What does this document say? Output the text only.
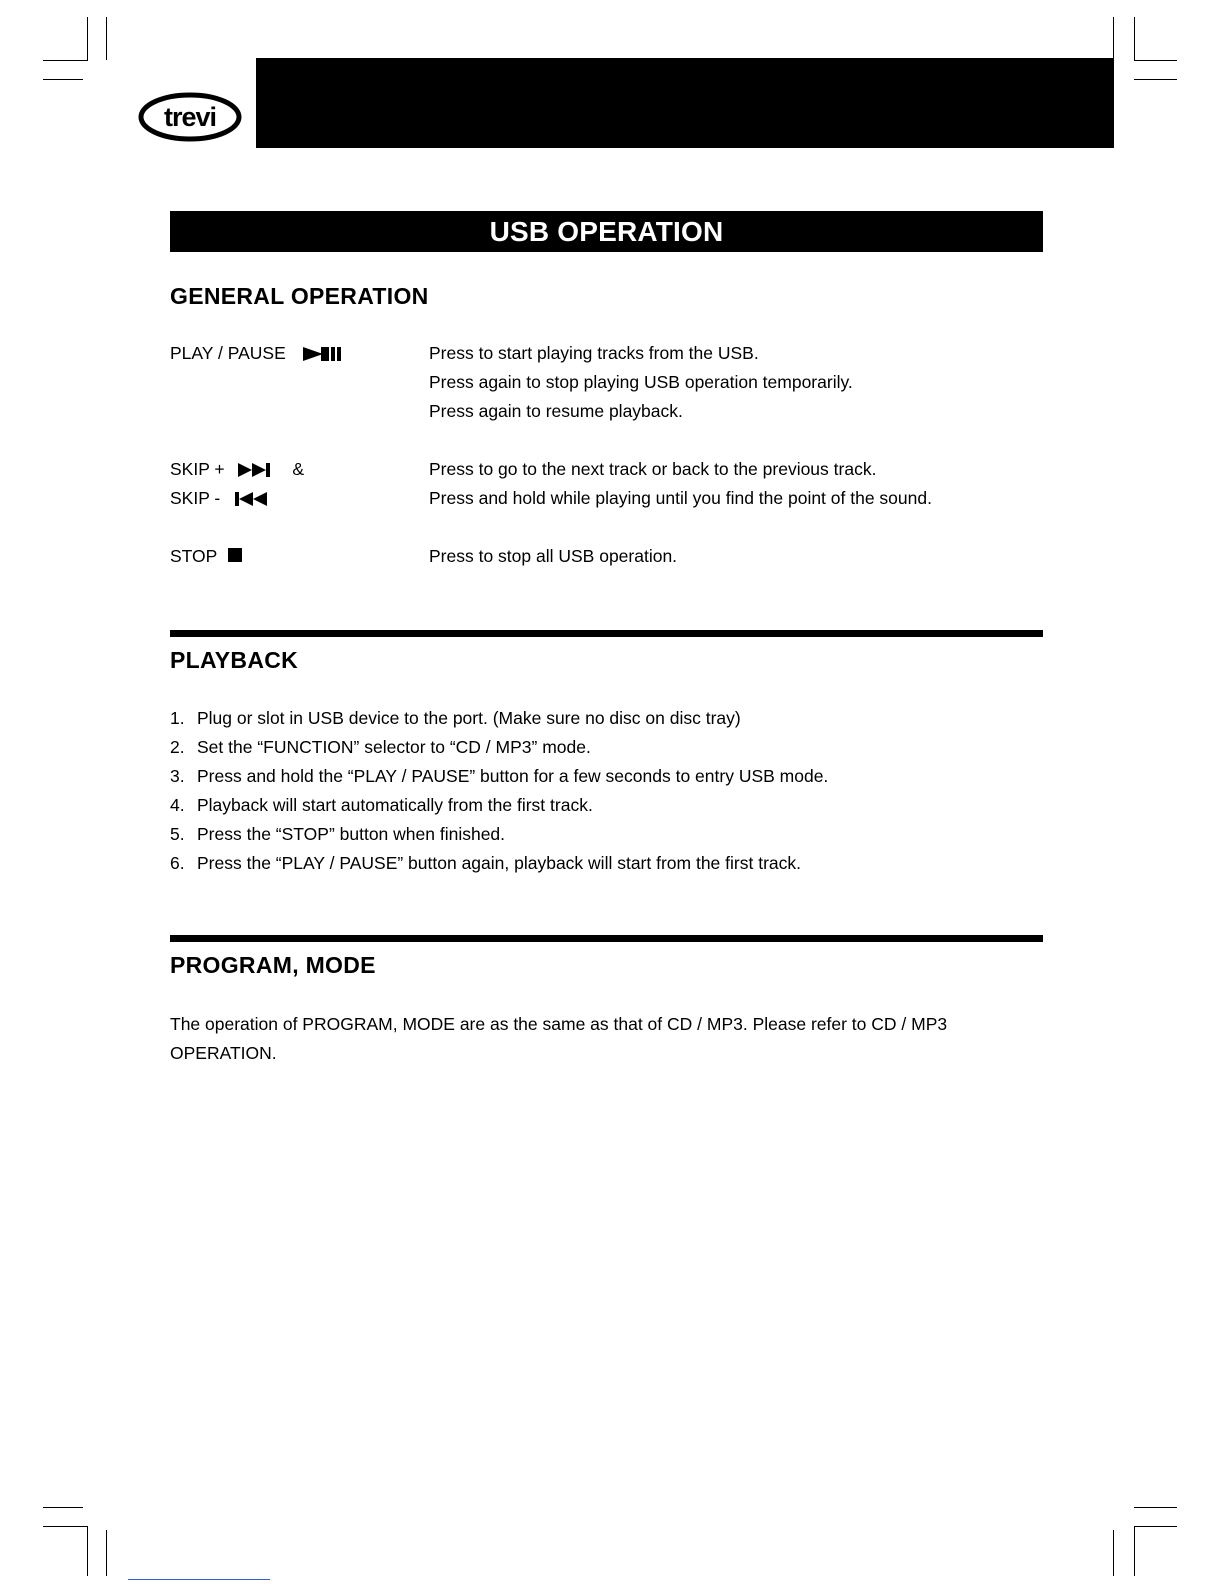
trevi
USB OPERATION
GENERAL OPERATION
PLAY / PAUSE	Press to start playing tracks from the USB.
Press again to stop playing USB operation temporarily.
Press again to resume playback.
SKIP +	&	Press to go to the next track or back to the previous track.
SKIP -	Press and hold while playing until you find the point of the sound.
STOP	Press to stop all USB operation.
PLAYBACK
1. Plug or slot in USB device to the port. (Make sure no disc on disc tray)
2. Set the “FUNCTION” selector to “CD / MP3” mode.
3. Press and hold the “PLAY / PAUSE” button for a few seconds to entry USB mode.
4. Playback will start automatically from the first track.
5. Press the “STOP” button when finished.
6. Press the “PLAY / PAUSE” button again, playback will start from the first track.
PROGRAM, MODE
The operation of PROGRAM, MODE are as the same as that of CD / MP3. Please refer to CD / MP3
OPERATION.
